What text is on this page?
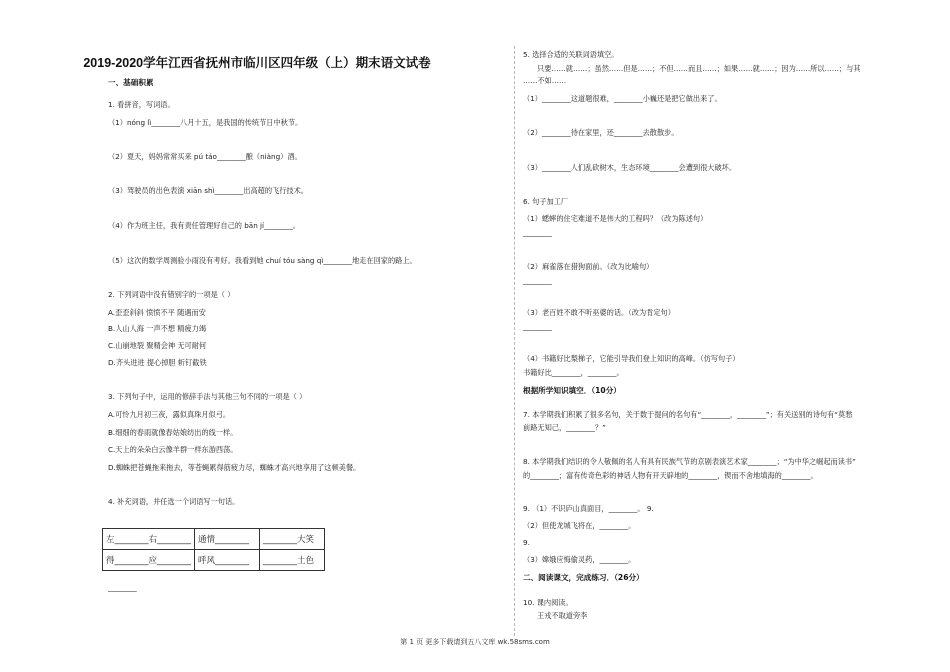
2019-2020学年江西省抚州市临川区四年级（上）期末语文试卷
一、基础积累
1. 看拼音，写词语。
（1）nóng lì________八月十五，是我国的传统节日中秋节。
（2）夏天，妈妈常常买来 pú táo________酿（niàng）酒。
（3）驾驶员的出色表演 xiān shì________出高超的飞行技术。
（4）作为班主任，我有责任管理好自己的 bān jí________。
（5）这次的数学周测验小雨没有考好。我看到她 chuí tóu sàng qì________地走在回家的路上。
2. 下列词语中没有错别字的一项是（ ）
A.歪歪斜斜 愤愤不平 随遇而安
B.人山人海 一声不想 精疲力竭
C.山崩地裂 聚精会神 无可耐何
D.齐头进进 提心掉胆 斩钉截铁
3. 下列句子中，运用的修辞手法与其他三句不同的一项是（ ）
A.可怜九月初三夜，露似真珠月似弓。
B.细细的春雨就像春姑娘纺出的线一样。
C.天上的朵朵白云像羊群一样东游西荡。
D.蜘蛛把苍蝇拖来拖去，等苍蝇累得筋疲力尽，蜘蛛才高兴地享用了这顿美餐。
4. 补充词语，并任选一个词语写一句话。
左________右________	通情________	________大笑
得________应________	呼风________	________土色
________
5. 选择合适的关联词语填空。
只要……就……；虽然……但是……；不但……而且……；如果……就……；因为……所以……；与其
……不如……
（1）________这道题很难，________小巍还是把它做出来了。
（2）________待在家里，还________去散散步。
（3）________人们乱砍树木，生态环境________会遭到很大破坏。
6. 句子加工厂
（1）蟋蟀的住宅难道不是伟大的工程吗？（改为陈述句）
________
（2）麻雀落在猎狗面前。（改为比喻句）
________
（3）老百姓不敢不听巫婆的话。（改为肯定句）
________
（4）书籍好比梨梯子，它能引导我们登上知识的高峰。（仿写句子）
书籍好比________，________。
根据所学知识填空．（10分）
7. 本学期我们积累了很多名句，关于数于提问的名句有“________，________”；有关送别的诗句有“莫愁
前路无知己，________？”
8. 本学期我们结识的令人敬佩的名人有具有民族气节的京剧表演艺术家________；“为中华之崛起而读书”
的________；富有传奇色彩的神话人物有开天辟地的________，锲而不舍地填海的________。
9. （1）不识庐山真面目，________。 9.
（2）但使龙城飞将在，________。
9.
（3）嫦娥应悔偷灵药，________。
二、阅读课文，完成练习．（26分）
10. 课内阅读。
王戎不取道旁李
第 1 页 更多下载请到五八文库 wk.58sms.com
